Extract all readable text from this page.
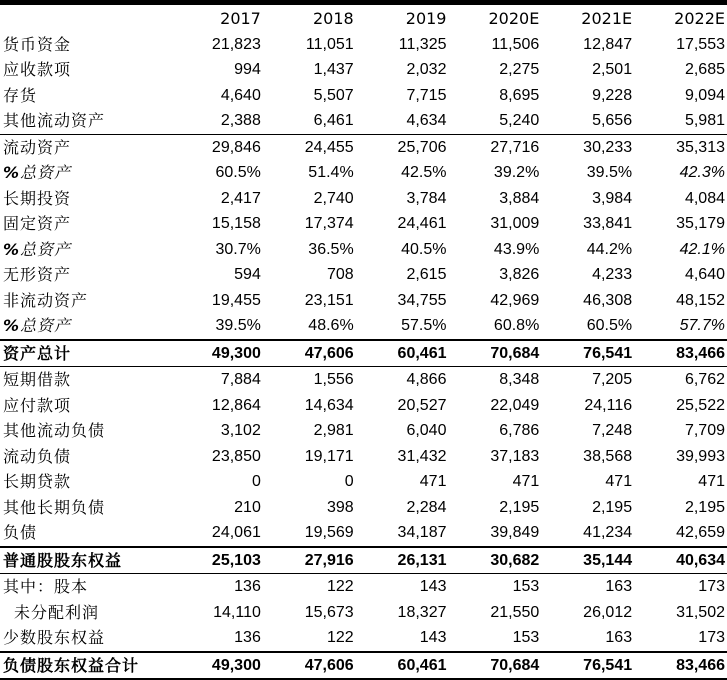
	2017	2018	2019	2020E	2021E	2022E
货币资金	21,823	11,051	11,325	11,506	12,847	17,553
应收款项	994	1,437	2,032	2,275	2,501	2,685
存货	4,640	5,507	7,715	8,695	9,228	9,094
其他流动资产	2,388	6,461	4,634	5,240	5,656	5,981
流动资产	29,846	24,455	25,706	27,716	30,233	35,313
%总资产	60.5%	51.4%	42.5%	39.2%	39.5%	42.3%
长期投资	2,417	2,740	3,784	3,884	3,984	4,084
固定资产	15,158	17,374	24,461	31,009	33,841	35,179
%总资产	30.7%	36.5%	40.5%	43.9%	44.2%	42.1%
无形资产	594	708	2,615	3,826	4,233	4,640
非流动资产	19,455	23,151	34,755	42,969	46,308	48,152
%总资产	39.5%	48.6%	57.5%	60.8%	60.5%	57.7%
资产总计	49,300	47,606	60,461	70,684	76,541	83,466
短期借款	7,884	1,556	4,866	8,348	7,205	6,762
应付款项	12,864	14,634	20,527	22,049	24,116	25,522
其他流动负债	3,102	2,981	6,040	6,786	7,248	7,709
流动负债	23,850	19,171	31,432	37,183	38,568	39,993
长期贷款	0	0	471	471	471	471
其他长期负债	210	398	2,284	2,195	2,195	2,195
负债	24,061	19,569	34,187	39,849	41,234	42,659
普通股股东权益	25,103	27,916	26,131	30,682	35,144	40,634
其中：股本	136	122	143	153	163	173
未分配利润	14,110	15,673	18,327	21,550	26,012	31,502
少数股东权益	136	122	143	153	163	173
负债股东权益合计	49,300	47,606	60,461	70,684	76,541	83,466
